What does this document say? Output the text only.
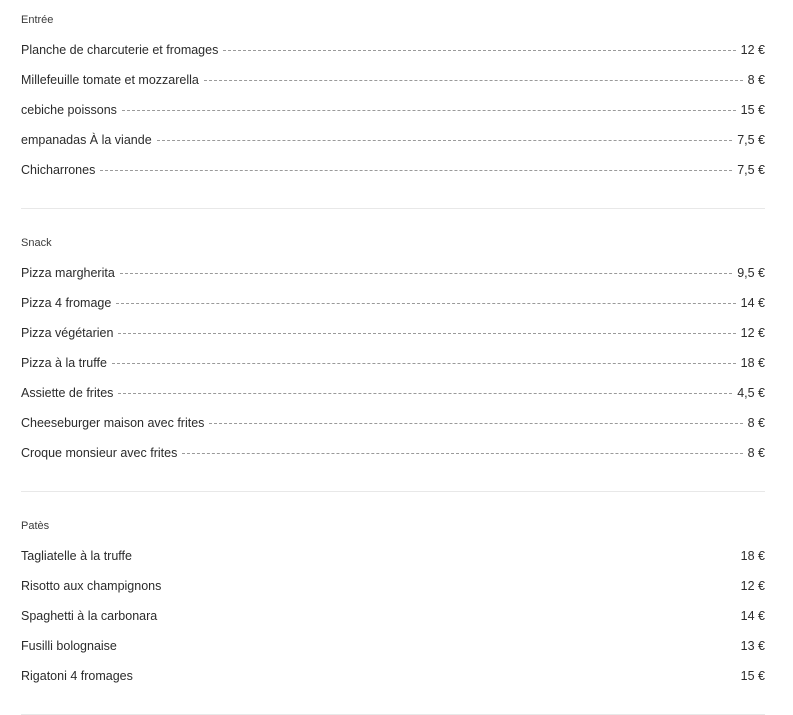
Entrée
Planche de charcuterie et fromages	12 €
Millefeuille tomate et mozzarella	8 €
cebiche poissons	15 €
empanadas À la viande	7,5 €
Chicharrones	7,5 €
Snack
Pizza margherita	9,5 €
Pizza 4 fromage	14 €
Pizza végétarien	12 €
Pizza à la truffe	18 €
Assiette de frites	4,5 €
Cheeseburger maison avec frites	8 €
Croque monsieur avec frites	8 €
Patès
Tagliatelle à la truffe	18 €
Risotto aux champignons	12 €
Spaghetti à la carbonara	14 €
Fusilli bolognaise	13 €
Rigatoni 4 fromages	15 €
